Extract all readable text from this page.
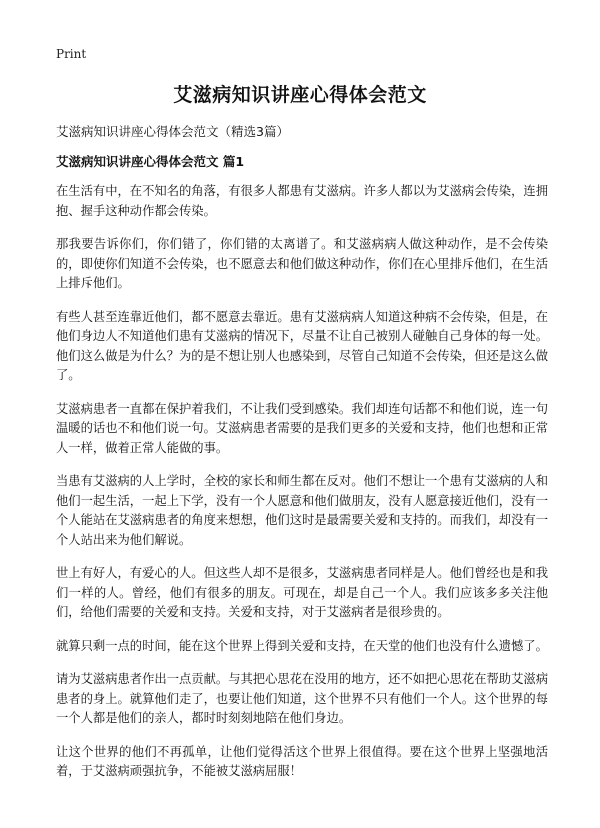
Print
艾滋病知识讲座心得体会范文

艾滋病知识讲座心得体会范文（精选3篇）

艾滋病知识讲座心得体会范文 篇1

在生活有中，在不知名的角落，有很多人都患有艾滋病。许多人都以为艾滋病会传染，连拥抱、握手这种动作都会传染。

那我要告诉你们，你们错了，你们错的太离谱了。和艾滋病病人做这种动作，是不会传染的，即使你们知道不会传染，也不愿意去和他们做这种动作，你们在心里排斥他们，在生活上排斥他们。

有些人甚至连靠近他们，都不愿意去靠近。患有艾滋病病人知道这种病不会传染，但是，在他们身边人不知道他们患有艾滋病的情况下，尽量不让自己被别人碰触自己身体的每一处。他们这么做是为什么？为的是不想让别人也感染到，尽管自己知道不会传染，但还是这么做了。

艾滋病患者一直都在保护着我们，不让我们受到感染。我们却连句话都不和他们说，连一句温暖的话也不和他们说一句。艾滋病患者需要的是我们更多的关爱和支持，他们也想和正常人一样，做着正常人能做的事。

当患有艾滋病的人上学时，全校的家长和师生都在反对。他们不想让一个患有艾滋病的人和他们一起生活，一起上下学，没有一个人愿意和他们做朋友，没有人愿意接近他们，没有一个人能站在艾滋病患者的角度来想想，他们这时是最需要关爱和支持的。而我们，却没有一个人站出来为他们解说。

世上有好人，有爱心的人。但这些人却不是很多，艾滋病患者同样是人。他们曾经也是和我们一样的人。曾经，他们有很多的朋友。可现在，却是自己一个人。我们应该多多关注他们，给他们需要的关爱和支持。关爱和支持，对于艾滋病者是很珍贵的。

就算只剩一点的时间，能在这个世界上得到关爱和支持，在天堂的他们也没有什么遗憾了。

请为艾滋病患者作出一点贡献。与其把心思花在没用的地方，还不如把心思花在帮助艾滋病患者的身上。就算他们走了，也要让他们知道，这个世界不只有他们一个人。这个世界的每一个人都是他们的亲人，都时时刻刻地陪在他们身边。

让这个世界的他们不再孤单，让他们觉得活这个世界上很值得。要在这个世界上坚强地活着，于艾滋病顽强抗争，不能被艾滋病屈服！
